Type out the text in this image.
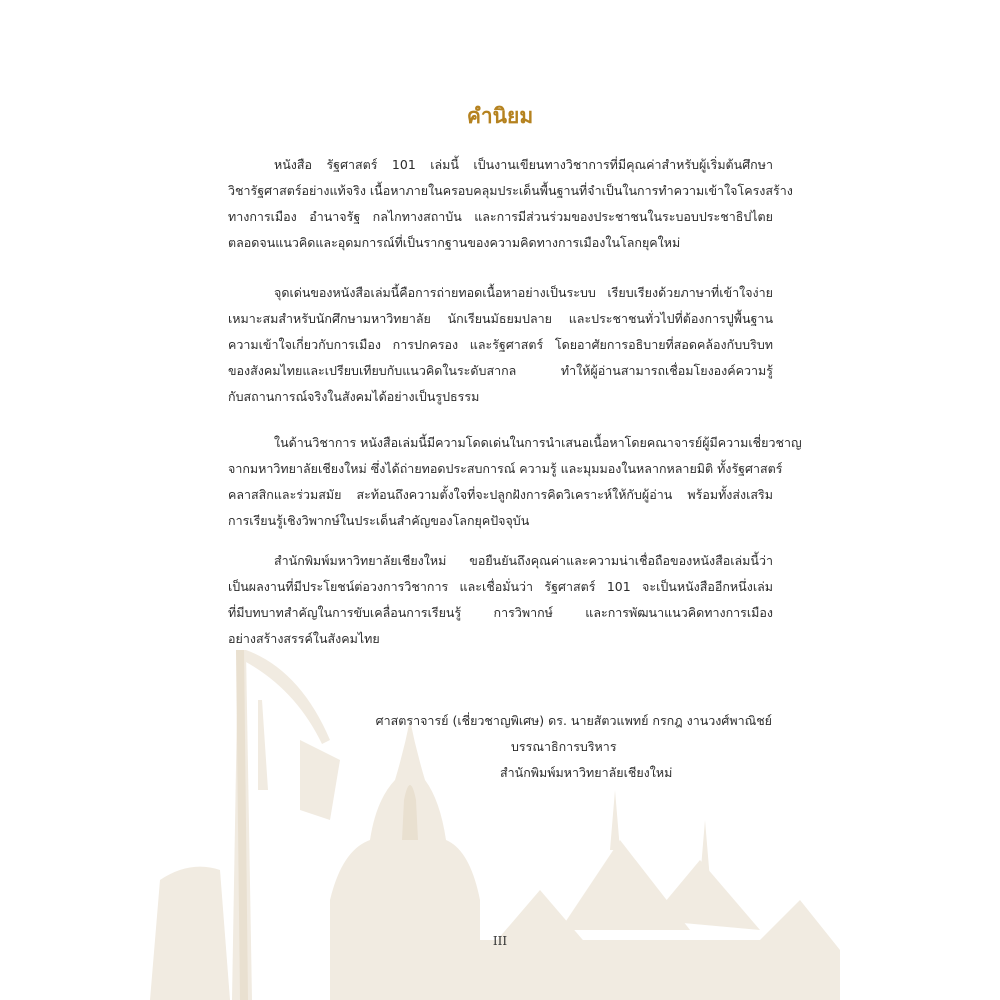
คำนิยม
หนังสือ รัฐศาสตร์ 101 เล่มนี้ เป็นงานเขียนทางวิชาการที่มีคุณค่าสำหรับผู้เริ่มต้นศึกษา
วิชารัฐศาสตร์อย่างแท้จริง เนื้อหาภายในครอบคลุมประเด็นพื้นฐานที่จำเป็นในการทำความเข้าใจโครงสร้าง
ทางการเมือง อำนาจรัฐ กลไกทางสถาบัน และการมีส่วนร่วมของประชาชนในระบอบประชาธิปไตย
ตลอดจนแนวคิดและอุดมการณ์ที่เป็นรากฐานของความคิดทางการเมืองในโลกยุคใหม่
จุดเด่นของหนังสือเล่มนี้คือการถ่ายทอดเนื้อหาอย่างเป็นระบบ เรียบเรียงด้วยภาษาที่เข้าใจง่าย
เหมาะสมสำหรับนักศึกษามหาวิทยาลัย นักเรียนมัธยมปลาย และประชาชนทั่วไปที่ต้องการปูพื้นฐาน
ความเข้าใจเกี่ยวกับการเมือง การปกครอง และรัฐศาสตร์ โดยอาศัยการอธิบายที่สอดคล้องกับบริบท
ของสังคมไทยและเปรียบเทียบกับแนวคิดในระดับสากล ทำให้ผู้อ่านสามารถเชื่อมโยงองค์ความรู้
กับสถานการณ์จริงในสังคมได้อย่างเป็นรูปธรรม
ในด้านวิชาการ หนังสือเล่มนี้มีความโดดเด่นในการนำเสนอเนื้อหาโดยคณาจารย์ผู้มีความเชี่ยวชาญ
จากมหาวิทยาลัยเชียงใหม่ ซึ่งได้ถ่ายทอดประสบการณ์ ความรู้ และมุมมองในหลากหลายมิติ ทั้งรัฐศาสตร์
คลาสสิกและร่วมสมัย สะท้อนถึงความตั้งใจที่จะปลูกฝังการคิดวิเคราะห์ให้กับผู้อ่าน พร้อมทั้งส่งเสริม
การเรียนรู้เชิงวิพากษ์ในประเด็นสำคัญของโลกยุคปัจจุบัน
สำนักพิมพ์มหาวิทยาลัยเชียงใหม่ ขอยืนยันถึงคุณค่าและความน่าเชื่อถือของหนังสือเล่มนี้ว่า
เป็นผลงานที่มีประโยชน์ต่อวงการวิชาการ และเชื่อมั่นว่า รัฐศาสตร์ 101 จะเป็นหนังสืออีกหนึ่งเล่ม
ที่มีบทบาทสำคัญในการขับเคลื่อนการเรียนรู้ การวิพากษ์ และการพัฒนาแนวคิดทางการเมือง
อย่างสร้างสรรค์ในสังคมไทย
ศาสตราจารย์ (เชี่ยวชาญพิเศษ) ดร. นายสัตวแพทย์ กรกฎ งานวงศ์พาณิชย์
บรรณาธิการบริหาร
สำนักพิมพ์มหาวิทยาลัยเชียงใหม่
III
